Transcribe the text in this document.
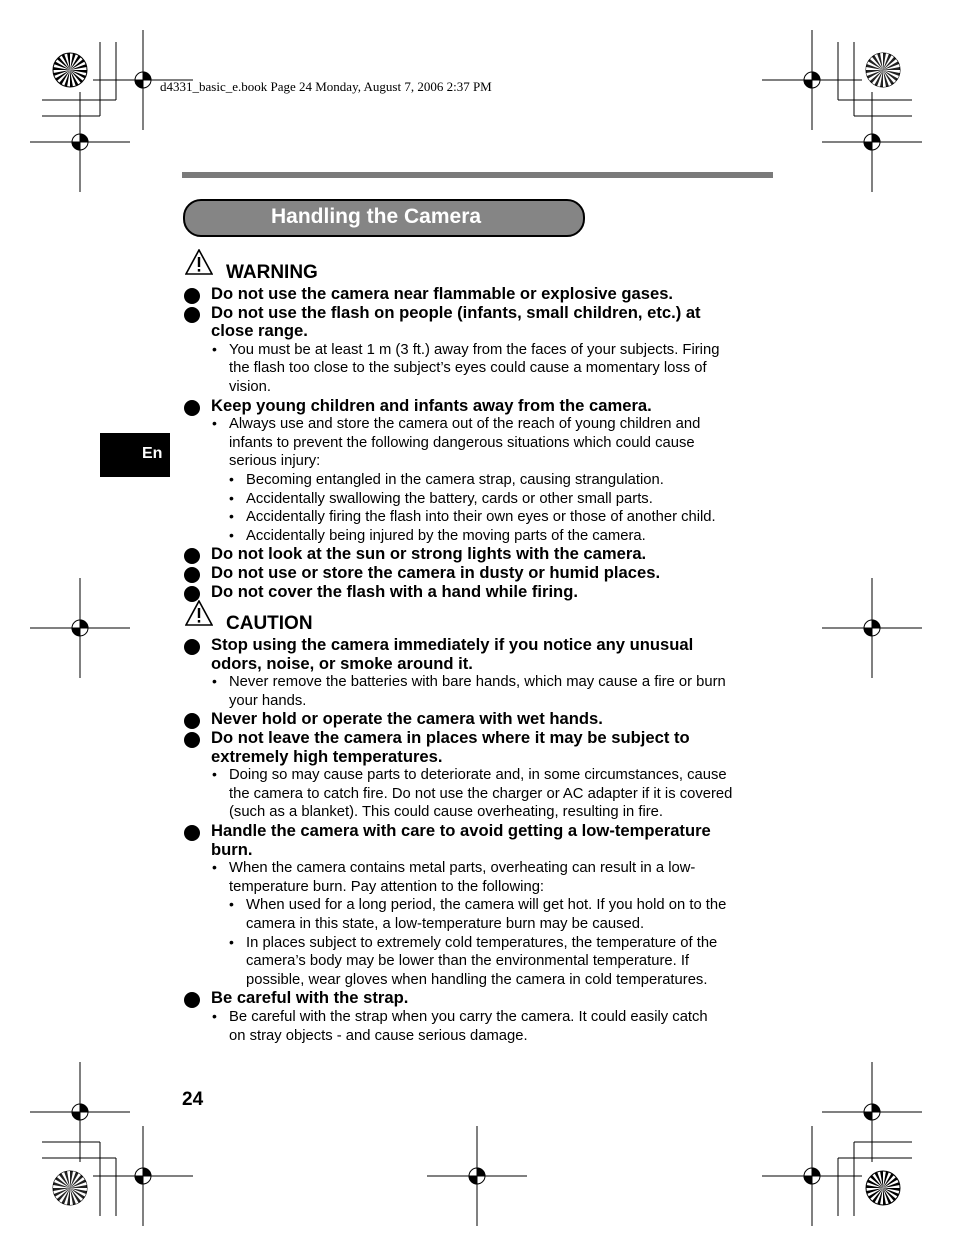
d4331_basic_e.book Page 24 Monday, August 7, 2006 2:37 PM
Handling the Camera
En
WARNING
Do not use the camera near flammable or explosive gases.
Do not use the flash on people (infants, small children, etc.) at
close range.
• You must be at least 1 m (3 ft.) away from the faces of your subjects. Firing
the flash too close to the subject’s eyes could cause a momentary loss of
vision.
Keep young children and infants away from the camera.
• Always use and store the camera out of the reach of young children and
infants to prevent the following dangerous situations which could cause
serious injury:
• Becoming entangled in the camera strap, causing strangulation.
• Accidentally swallowing the battery, cards or other small parts.
• Accidentally firing the flash into their own eyes or those of another child.
• Accidentally being injured by the moving parts of the camera.
Do not look at the sun or strong lights with the camera.
Do not use or store the camera in dusty or humid places.
Do not cover the flash with a hand while firing.
CAUTION
Stop using the camera immediately if you notice any unusual
odors, noise, or smoke around it.
• Never remove the batteries with bare hands, which may cause a fire or burn
your hands.
Never hold or operate the camera with wet hands.
Do not leave the camera in places where it may be subject to
extremely high temperatures.
• Doing so may cause parts to deteriorate and, in some circumstances, cause
the camera to catch fire. Do not use the charger or AC adapter if it is covered
(such as a blanket). This could cause overheating, resulting in fire.
Handle the camera with care to avoid getting a low-temperature
burn.
• When the camera contains metal parts, overheating can result in a low-
temperature burn. Pay attention to the following:
• When used for a long period, the camera will get hot. If you hold on to the
camera in this state, a low-temperature burn may be caused.
• In places subject to extremely cold temperatures, the temperature of the
camera’s body may be lower than the environmental temperature. If
possible, wear gloves when handling the camera in cold temperatures.
Be careful with the strap.
• Be careful with the strap when you carry the camera. It could easily catch
on stray objects - and cause serious damage.
24
